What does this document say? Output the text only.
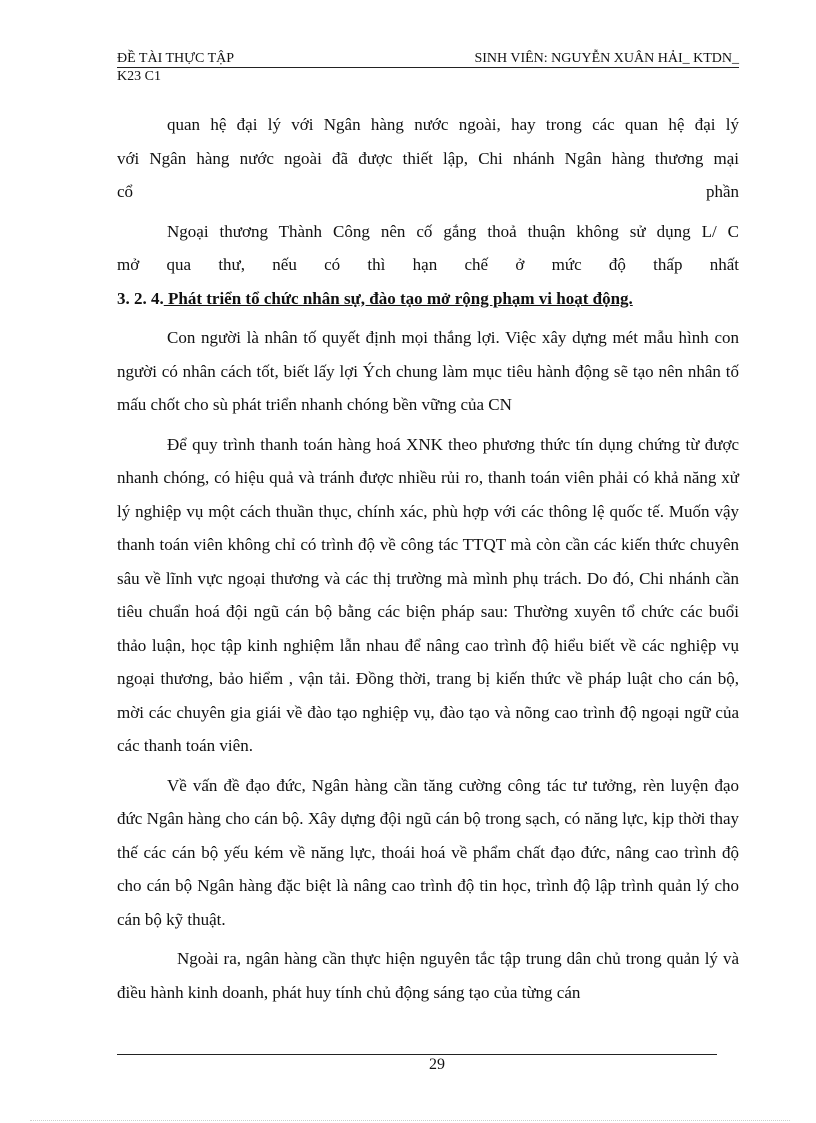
ĐỀ TÀI THỰC TẬP	SINH VIÊN: NGUYỄN XUÂN HẢI_ KTDN_
K23 C1

quan hệ đại lý với Ngân hàng nước ngoài, hay trong các quan hệ đại lý

với Ngân hàng nước ngoài đã được thiết lập, Chi nhánh Ngân hàng thương mại

cổ phần

Ngoại thương Thành Công nên cố gắng thoả thuận không sử dụng L/ C

mở qua thư, nếu có thì hạn chế ở mức độ thấp nhất

3. 2. 4. Phát triển tổ chức nhân sự, đào tạo mở rộng phạm vi hoạt động.

Con người là nhân tố quyết định mọi thắng lợi. Việc xây dựng mét mẫu hình con người có nhân cách tốt, biết lấy lợi Ých chung làm mục tiêu hành động sẽ tạo nên nhân tố mấu chốt cho sù phát triển nhanh chóng bền vững của CN

Để quy trình thanh toán hàng hoá XNK theo phương thức tín dụng chứng từ được nhanh chóng, có hiệu quả và tránh được nhiều rủi ro, thanh toán viên phải có khả năng xử lý nghiệp vụ một cách thuần thục, chính xác, phù hợp với các thông lệ quốc tế. Muốn vậy thanh toán viên không chỉ có trình độ về công tác TTQT mà còn cần các kiến thức chuyên sâu về lĩnh vực ngoại thương và các thị trường mà mình phụ trách. Do đó, Chi nhánh cần tiêu chuẩn hoá đội ngũ cán bộ bằng các biện pháp sau: Thường xuyên tổ chức các buổi thảo luận, học tập kinh nghiệm lẫn nhau để nâng cao trình độ hiểu biết về các nghiệp vụ ngoại thương, bảo hiểm , vận tải. Đồng thời, trang bị kiến thức về pháp luật cho cán bộ, mời các chuyên gia giái về đào tạo nghiệp vụ, đào tạo và nõng cao trình độ ngoại ngữ của các thanh toán viên.

Về vấn đề đạo đức, Ngân hàng cần tăng cường công tác tư tưởng, rèn luyện đạo đức Ngân hàng cho cán bộ. Xây dựng đội ngũ cán bộ trong sạch, có năng lực, kịp thời thay thế các cán bộ yếu kém về năng lực, thoái hoá về phẩm chất đạo đức, nâng cao trình độ cho cán bộ Ngân hàng đặc biệt là nâng cao trình độ tin học, trình độ lập trình quản lý cho cán bộ kỹ thuật.

Ngoài ra, ngân hàng cần thực hiện nguyên tắc tập trung dân chủ trong quản lý và điều hành kinh doanh, phát huy tính chủ động sáng tạo của từng cán

29
